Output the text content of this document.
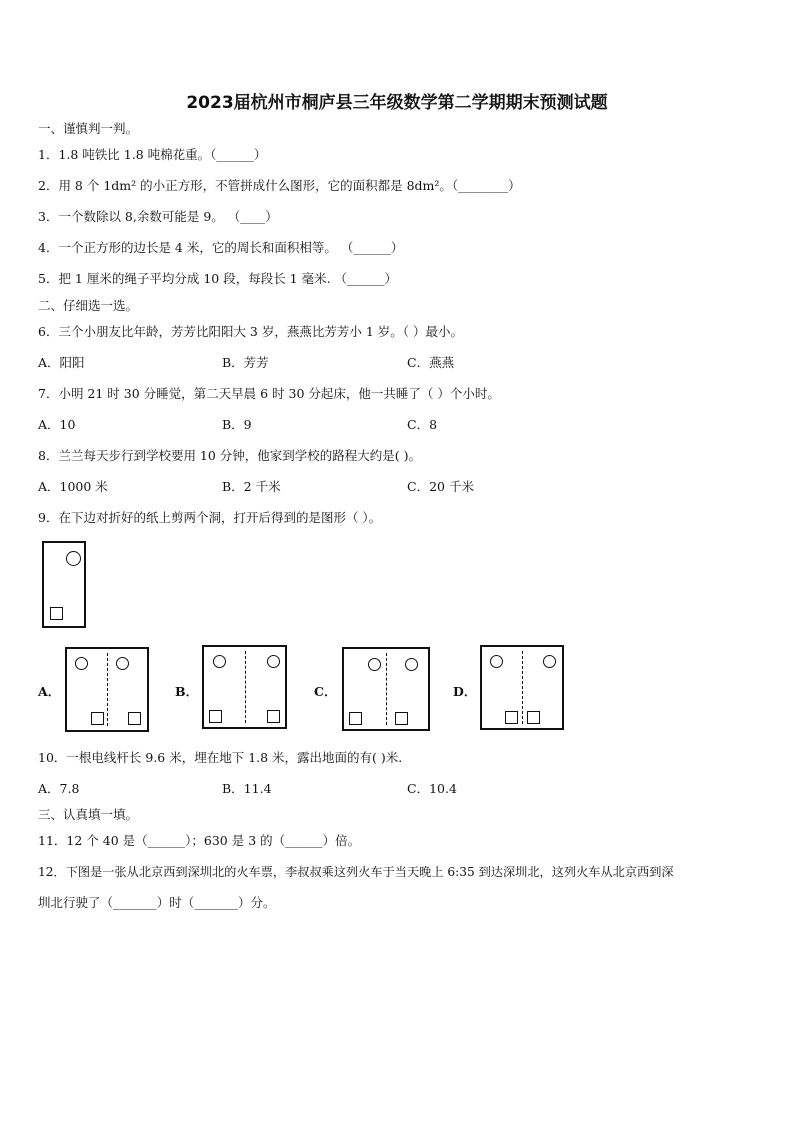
2023届杭州市桐庐县三年级数学第二学期期末预测试题
一、谨慎判一判。
1．1.8 吨铁比 1.8 吨棉花重。（______）
2．用 8 个 1dm² 的小正方形，不管拼成什么图形，它的面积都是 8dm²。（________）
3．一个数除以 8,余数可能是 9。 （____）
4．一个正方形的边长是 4 米，它的周长和面积相等。 （______）
5．把 1 厘米的绳子平均分成 10 段，每段长 1 毫米. （______）
二、仔细选一选。
6．三个小朋友比年龄，芳芳比阳阳大 3 岁，燕燕比芳芳小 1 岁。（ ）最小。
A．阳阳	B．芳芳	C．燕燕
7．小明 21 时 30 分睡觉，第二天早晨 6 时 30 分起床，他一共睡了（ ）个小时。
A．10	B．9	C．8
8．兰兰每天步行到学校要用 10 分钟，他家到学校的路程大约是( )。
A．1000 米	B．2 千米	C．20 千米
9．在下边对折好的纸上剪两个洞，打开后得到的是图形（ ）。
A．	B．	C．	D．
10．一根电线杆长 9.6 米，埋在地下 1.8 米，露出地面的有( )米.
A．7.8	B．11.4	C．10.4
三、认真填一填。
11．12 个 40 是（______）；630 是 3 的（______）倍。
12．下图是一张从北京西到深圳北的火车票，李叔叔乘这列火车于当天晚上 6:35 到达深圳北，这列火车从北京西到深
圳北行驶了（_______）时（_______）分。
